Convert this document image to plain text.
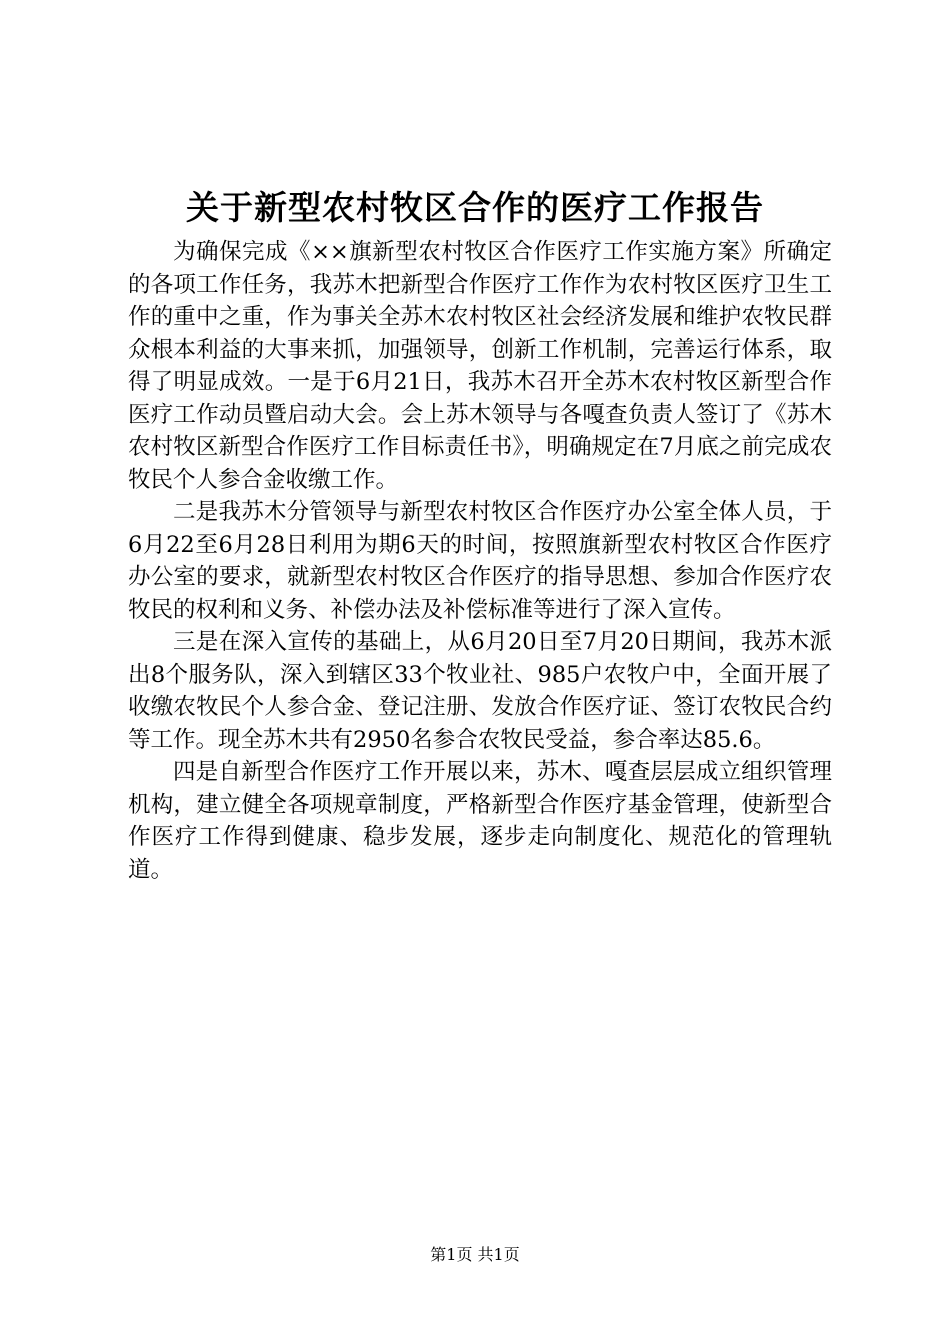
关于新型农村牧区合作的医疗工作报告

为确保完成《××旗新型农村牧区合作医疗工作实施方案》所确定的各项工作任务，我苏木把新型合作医疗工作作为农村牧区医疗卫生工作的重中之重，作为事关全苏木农村牧区社会经济发展和维护农牧民群众根本利益的大事来抓，加强领导，创新工作机制，完善运行体系，取得了明显成效。一是于6月21日，我苏木召开全苏木农村牧区新型合作医疗工作动员暨启动大会。会上苏木领导与各嘎查负责人签订了《苏木农村牧区新型合作医疗工作目标责任书》，明确规定在7月底之前完成农牧民个人参合金收缴工作。

二是我苏木分管领导与新型农村牧区合作医疗办公室全体人员，于6月22至6月28日利用为期6天的时间，按照旗新型农村牧区合作医疗办公室的要求，就新型农村牧区合作医疗的指导思想、参加合作医疗农牧民的权利和义务、补偿办法及补偿标准等进行了深入宣传。

三是在深入宣传的基础上，从6月20日至7月20日期间，我苏木派出8个服务队，深入到辖区33个牧业社、985户农牧户中，全面开展了收缴农牧民个人参合金、登记注册、发放合作医疗证、签订农牧民合约等工作。现全苏木共有2950名参合农牧民受益，参合率达85.6。

四是自新型合作医疗工作开展以来，苏木、嘎查层层成立组织管理机构，建立健全各项规章制度，严格新型合作医疗基金管理，使新型合作医疗工作得到健康、稳步发展，逐步走向制度化、规范化的管理轨道。

第1页 共1页
